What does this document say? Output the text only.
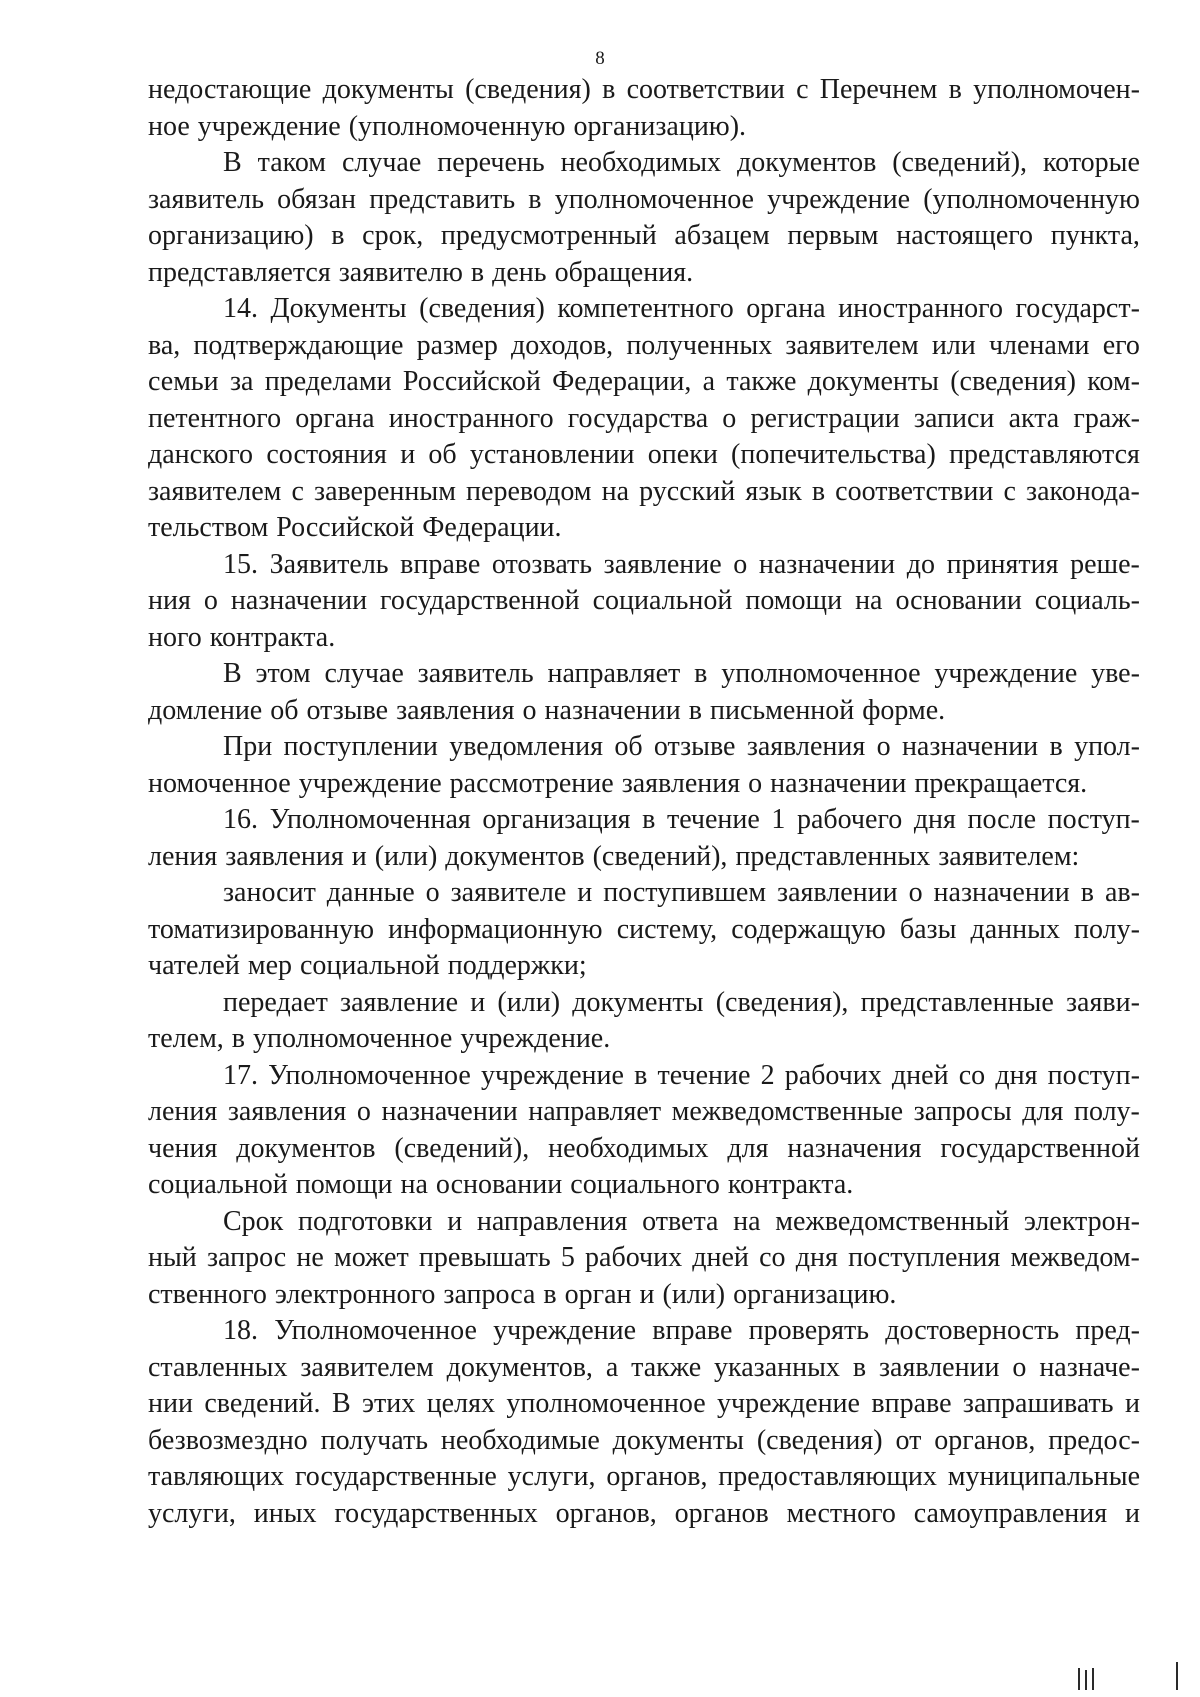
8
недостающие документы (сведения) в соответствии с Перечнем в уполномочен-
ное учреждение (уполномоченную организацию).
В таком случае перечень необходимых документов (сведений), которые
заявитель обязан представить в уполномоченное учреждение (уполномоченную
организацию) в срок, предусмотренный абзацем первым настоящего пункта,
представляется заявителю в день обращения.
14. Документы (сведения) компетентного органа иностранного государст-
ва, подтверждающие размер доходов, полученных заявителем или членами его
семьи за пределами Российской Федерации, а также документы (сведения) ком-
петентного органа иностранного государства о регистрации записи акта граж-
данского состояния и об установлении опеки (попечительства) представляются
заявителем с заверенным переводом на русский язык в соответствии с законода-
тельством Российской Федерации.
15. Заявитель вправе отозвать заявление о назначении до принятия реше-
ния о назначении государственной социальной помощи на основании социаль-
ного контракта.
В этом случае заявитель направляет в уполномоченное учреждение уве-
домление об отзыве заявления о назначении в письменной форме.
При поступлении уведомления об отзыве заявления о назначении в упол-
номоченное учреждение рассмотрение заявления о назначении прекращается.
16. Уполномоченная организация в течение 1 рабочего дня после поступ-
ления заявления и (или) документов (сведений), представленных заявителем:
заносит данные о заявителе и поступившем заявлении о назначении в ав-
томатизированную информационную систему, содержащую базы данных полу-
чателей мер социальной поддержки;
передает заявление и (или) документы (сведения), представленные заяви-
телем, в уполномоченное учреждение.
17. Уполномоченное учреждение в течение 2 рабочих дней со дня поступ-
ления заявления о назначении направляет межведомственные запросы для полу-
чения документов (сведений), необходимых для назначения государственной
социальной помощи на основании социального контракта.
Срок подготовки и направления ответа на межведомственный электрон-
ный запрос не может превышать 5 рабочих дней со дня поступления межведом-
ственного электронного запроса в орган и (или) организацию.
18. Уполномоченное учреждение вправе проверять достоверность пред-
ставленных заявителем документов, а также указанных в заявлении о назначе-
нии сведений. В этих целях уполномоченное учреждение вправе запрашивать и
безвозмездно получать необходимые документы (сведения) от органов, предос-
тавляющих государственные услуги, органов, предоставляющих муниципальные
услуги, иных государственных органов, органов местного самоуправления и
